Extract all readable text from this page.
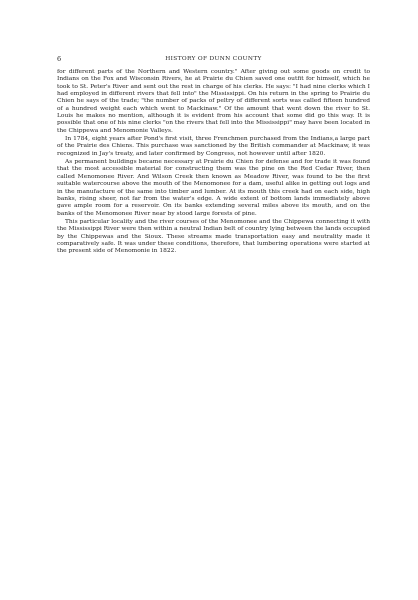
6	HISTORY OF DUNN COUNTY

for different parts of the Northern and Western country." After giving out some goods on credit to Indians on the Fox and Wisconsin Rivers, he at Prairie du Chien saved one outfit for himself, which he took to St. Peter's River and sent out the rest in charge of his clerks. He says: "I had nine clerks which I had employed in different rivers that fell into" the Mississippi. On his return in the spring to Prairie du Chien he says of the trade; "the number of packs of peltry of different sorts was called fifteen hundred of a hundred weight each which went to Mackinaw." Of the amount that went down the river to St. Louis he makes no mention, although it is evident from his account that some did go this way. It is possible that one of his nine clerks "on the rivers that fell into the Mississippi" may have been located in the Chippewa and Menomonie Valleys.

In 1784, eight years after Pond's first visit, three Frenchmen purchased from the Indians,a large part of the Prairie des Chiens. This purchase was sanctioned by the British commander at Mackinaw, it was recognized in Jay's treaty, and later confirmed by Congress, not however until after 1820.

As permanent buildings became necessary at Prairie du Chien for defense and for trade it was found that the most accessible material for constructing them was the pine on the Red Cedar River, then called Menomonee River. And Wilson Creek then known as Meadow River, was found to be the first suitable watercourse above the mouth of the Menomonee for a dam, useful alike in getting out logs and in the manufacture of the same into timber and lumber. At its mouth this creek had on each side, high banks, rising sheer, not far from the water's edge. A wide extent of bottom lands immediately above gave ample room for a reservoir. On its banks extending several miles above its mouth, and on the banks of the Menomonee River near by stood large forests of pine.

This particular locality and the river courses of the Menomonee and the Chippewa connecting it with the Mississippi River were then within a neutral Indian belt of country lying between the lands occupied by the Chippewas and the Sioux. These streams made transportation easy and neutrality made it comparatively safe. It was under these conditions, therefore, that lumbering operations were started at the present side of Menomonie in 1822.
